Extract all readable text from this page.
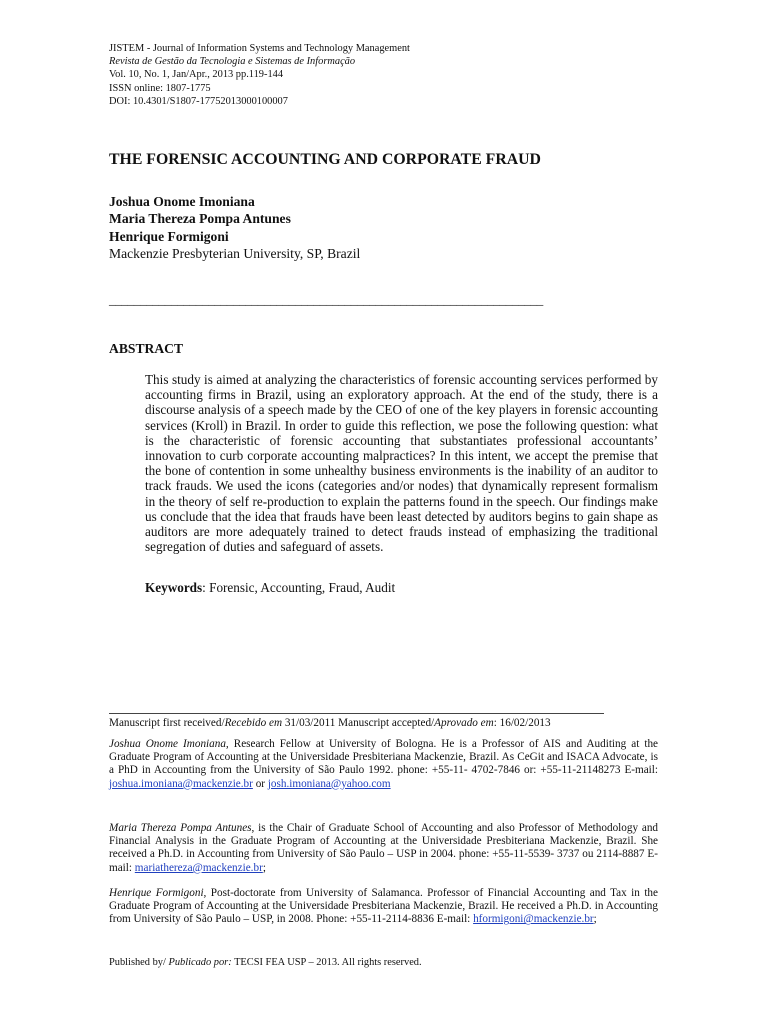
JISTEM - Journal of Information Systems and Technology Management
Revista de Gestão da Tecnologia e Sistemas de Informação
Vol. 10, No. 1, Jan/Apr., 2013 pp.119-144
ISSN online: 1807-1775
DOI: 10.4301/S1807-17752013000100007
THE FORENSIC ACCOUNTING AND CORPORATE FRAUD
Joshua Onome Imoniana
Maria Thereza Pompa Antunes
Henrique Formigoni
Mackenzie Presbyterian University, SP, Brazil
______________________________________________________________________
ABSTRACT
This study is aimed at analyzing the characteristics of forensic accounting services performed by accounting firms in Brazil, using an exploratory approach. At the end of the study, there is a discourse analysis of a speech made by the CEO of one of the key players in forensic accounting services (Kroll) in Brazil. In order to guide this reflection, we pose the following question: what is the characteristic of forensic accounting that substantiates professional accountants’ innovation to curb corporate accounting malpractices? In this intent, we accept the premise that the bone of contention in some unhealthy business environments is the inability of an auditor to track frauds. We used the icons (categories and/or nodes) that dynamically represent formalism in the theory of self re-production to explain the patterns found in the speech. Our findings make us conclude that the idea that frauds have been least detected by auditors begins to gain shape as auditors are more adequately trained to detect frauds instead of emphasizing the traditional segregation of duties and safeguard of assets.
Keywords: Forensic, Accounting, Fraud, Audit
Manuscript first received/Recebido em 31/03/2011 Manuscript accepted/Aprovado em: 16/02/2013
Joshua Onome Imoniana, Research Fellow at University of Bologna. He is a Professor of AIS and Auditing at the Graduate Program of Accounting at the Universidade Presbiteriana Mackenzie, Brazil. As CeGit and ISACA Advocate, is a PhD in Accounting from the University of São Paulo 1992. phone: +55-11- 4702-7846 or: +55-11-21148273 E-mail: joshua.imoniana@mackenzie.br or josh.imoniana@yahoo.com
Maria Thereza Pompa Antunes, is the Chair of Graduate School of Accounting and also Professor of Methodology and Financial Analysis in the Graduate Program of Accounting at the Universidade Presbiteriana Mackenzie, Brazil. She received a Ph.D. in Accounting from University of São Paulo – USP in 2004. phone: +55-11-5539- 3737 ou 2114-8887 E-mail: mariathereza@mackenzie.br;
Henrique Formigoni, Post-doctorate from University of Salamanca. Professor of Financial Accounting and Tax in the Graduate Program of Accounting at the Universidade Presbiteriana Mackenzie, Brazil. He received a Ph.D. in Accounting from University of São Paulo – USP, in 2008. Phone: +55-11-2114-8836 E-mail: hformigoni@mackenzie.br;
Published by/ Publicado por: TECSI FEA USP – 2013. All rights reserved.
